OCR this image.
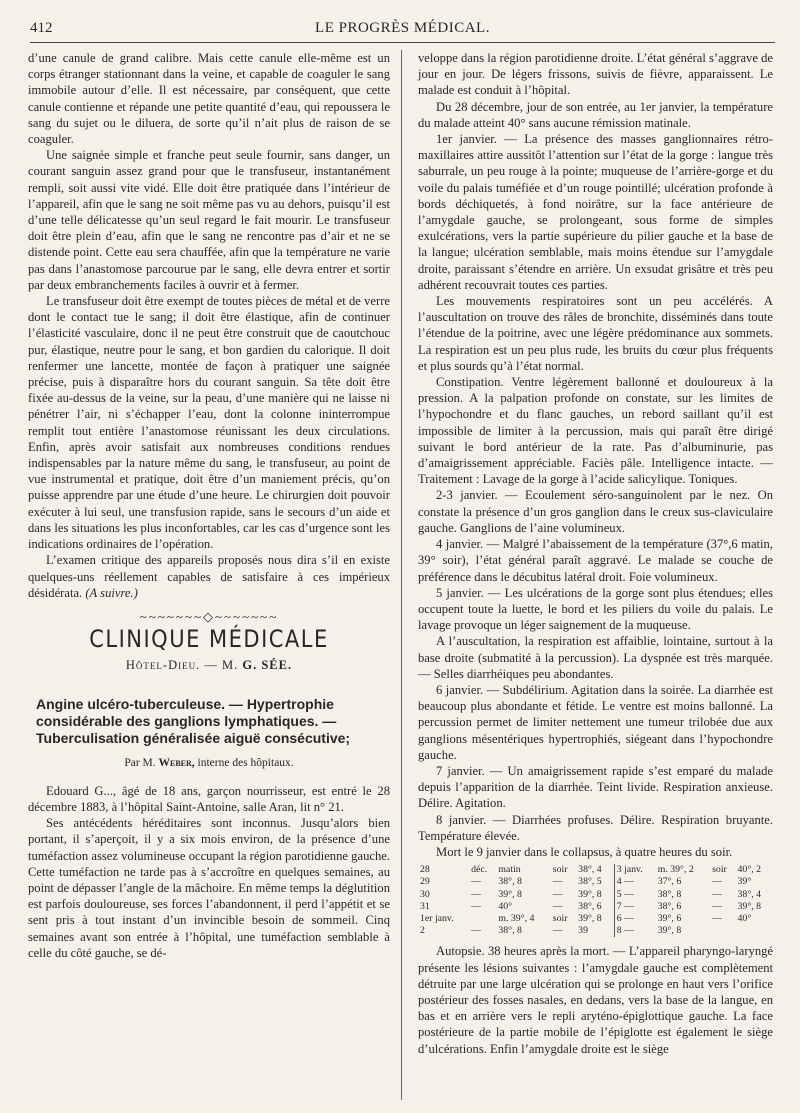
412	LE PROGRÈS MÉDICAL.

d’une canule de grand calibre. Mais cette canule elle-même est un corps étranger stationnant dans la veine, et capable de coaguler le sang immobile autour d’elle. Il est nécessaire, par conséquent, que cette canule contienne et répande une petite quantité d’eau, qui repoussera le sang du sujet ou le diluera, de sorte qu’il n’ait plus de raison de se coaguler.

Une saignée simple et franche peut seule fournir, sans danger, un courant sanguin assez grand pour que le transfuseur, instantanément rempli, soit aussi vite vidé. Elle doit être pratiquée dans l’intérieur de l’appareil, afin que le sang ne soit même pas vu au dehors, puisqu’il est d’une telle délicatesse qu’un seul regard le fait mourir. Le transfuseur doit être plein d’eau, afin que le sang ne rencontre pas d’air et ne se distende point. Cette eau sera chauffée, afin que la température ne varie pas dans l’anastomose parcourue par le sang, elle devra entrer et sortir par deux embranchements faciles à ouvrir et à fermer.

Le transfuseur doit être exempt de toutes pièces de métal et de verre dont le contact tue le sang; il doit être élastique, afin de continuer l’élasticité vasculaire, donc il ne peut être construit que de caoutchouc pur, élastique, neutre pour le sang, et bon gardien du calorique. Il doit renfermer une lancette, montée de façon à pratiquer une saignée précise, puis à disparaître hors du courant sanguin. Sa tête doit être fixée au-dessus de la veine, sur la peau, d’une manière qui ne laisse ni pénétrer l’air, ni s’échapper l’eau, dont la colonne ininterrompue remplit tout entière l’anastomose réunissant les deux circulations. Enfin, après avoir satisfait aux nombreuses conditions rendues indispensables par la nature même du sang, le transfuseur, au point de vue instrumental et pratique, doit être d’un maniement précis, qu’on puisse apprendre par une étude d’une heure. Le chirurgien doit pouvoir exécuter à lui seul, une transfusion rapide, sans le secours d’un aide et dans les situations les plus inconfortables, car les cas d’urgence sont les indications ordinaires de l’opération.

L’examen critique des appareils proposés nous dira s’il en existe quelques-uns réellement capables de satisfaire à ces impérieux désidérata. (A suivre.)

~~~~~~~◇~~~~~~~
CLINIQUE MÉDICALE
Hôtel-Dieu. — M. G. SÉE.
Angine ulcéro-tuberculeuse. — Hypertrophie considérable des ganglions lymphatiques. — Tuberculisation généralisée aiguë consécutive;
Par M. Weber, interne des hôpitaux.

Edouard G..., âgé de 18 ans, garçon nourrisseur, est entré le 28 décembre 1883, à l’hôpital Saint-Antoine, salle Aran, lit n° 21.

Ses antécédents héréditaires sont inconnus. Jusqu’alors bien portant, il s’aperçoit, il y a six mois environ, de la présence d’une tuméfaction assez volumineuse occupant la région parotidienne gauche. Cette tuméfaction ne tarde pas à s’accroître en quelques semaines, au point de dépasser l’angle de la mâchoire. En même temps la déglutition est parfois douloureuse, ses forces l’abandonnent, il perd l’appétit et se sent pris à tout instant d’un invincible besoin de sommeil. Cinq semaines avant son entrée à l’hôpital, une tuméfaction semblable à celle du côté gauche, se dé-

veloppe dans la région parotidienne droite. L’état général s’aggrave de jour en jour. De légers frissons, suivis de fièvre, apparaissent. Le malade est conduit à l’hôpital.

Du 28 décembre, jour de son entrée, au 1er janvier, la température du malade atteint 40° sans aucune rémission matinale.

1er janvier. — La présence des masses ganglionnaires rétro-maxillaires attire aussitôt l’attention sur l’état de la gorge : langue très saburrale, un peu rouge à la pointe; muqueuse de l’arrière-gorge et du voile du palais tuméfiée et d’un rouge pointillé; ulcération profonde à bords déchiquetés, à fond noirâtre, sur la face antérieure de l’amygdale gauche, se prolongeant, sous forme de simples exulcérations, vers la partie supérieure du pilier gauche et la base de la langue; ulcération semblable, mais moins étendue sur l’amygdale droite, paraissant s’étendre en arrière. Un exsudat grisâtre et très peu adhérent recouvrait toutes ces parties.

Les mouvements respiratoires sont un peu accélérés. A l’auscultation on trouve des râles de bronchite, disséminés dans toute l’étendue de la poitrine, avec une légère prédominance aux sommets. La respiration est un peu plus rude, les bruits du cœur plus fréquents et plus sourds qu’à l’état normal.

Constipation. Ventre légèrement ballonné et douloureux à la pression. A la palpation profonde on constate, sur les limites de l’hypochondre et du flanc gauches, un rebord saillant qu’il est impossible de limiter à la percussion, mais qui paraît être dirigé suivant le bord antérieur de la rate. Pas d’albuminurie, pas d’amaigrissement appréciable. Faciès pâle. Intelligence intacte. — Traitement : Lavage de la gorge à l’acide salicylique. Toniques.

2-3 janvier. — Ecoulement séro-sanguinolent par le nez. On constate la présence d’un gros ganglion dans le creux sus-claviculaire gauche. Ganglions de l’aine volumineux.

4 janvier. — Malgré l’abaissement de la température (37°,6 matin, 39° soir), l’état général paraît aggravé. Le malade se couche de préférence dans le décubitus latéral droit. Foie volumineux.

5 janvier. — Les ulcérations de la gorge sont plus étendues; elles occupent toute la luette, le bord et les piliers du voile du palais. Le lavage provoque un léger saignement de la muqueuse.

A l’auscultation, la respiration est affaiblie, lointaine, surtout à la base droite (submatité à la percussion). La dyspnée est très marquée. — Selles diarrhéiques peu abondantes.

6 janvier. — Subdélirium. Agitation dans la soirée. La diarrhée est beaucoup plus abondante et fétide. Le ventre est moins ballonné. La percussion permet de limiter nettement une tumeur trilobée due aux ganglions mésentériques hypertrophiés, siégeant dans l’hypochondre gauche.

7 janvier. — Un amaigrissement rapide s’est emparé du malade depuis l’apparition de la diarrhée. Teint livide. Respiration anxieuse. Délire. Agitation.

8 janvier. — Diarrhées profuses. Délire. Respiration bruyante. Température élevée.

Mort le 9 janvier dans le collapsus, à quatre heures du soir.

28	déc.	matin	soir	38°, 4	3 janv.	m. 39°, 2	soir	40°, 2
29	—	38°, 8	—	38°, 5	4 —	37°, 6	—	39°
30	—	39°, 8	—	39°, 8	5 —	38°, 8	—	38°, 4
31	—	40°	—	38°, 6	7 —	38°, 6	—	39°, 8
1er janv.		m. 39°, 4	soir	39°, 8	6 —	39°, 6	—	40°
2	—	38°, 8	—	39	8 —	39°, 8		

Autopsie. 38 heures après la mort. — L’appareil pharyngo-laryngé présente les lésions suivantes : l’amygdale gauche est complètement détruite par une large ulcération qui se prolonge en haut vers l’orifice postérieur des fosses nasales, en dedans, vers la base de la langue, en bas et en arrière vers le repli aryténo-épiglottique gauche. La face postérieure de la partie mobile de l’épiglotte est également le siège d’ulcérations. Enfin l’amygdale droite est le siège
